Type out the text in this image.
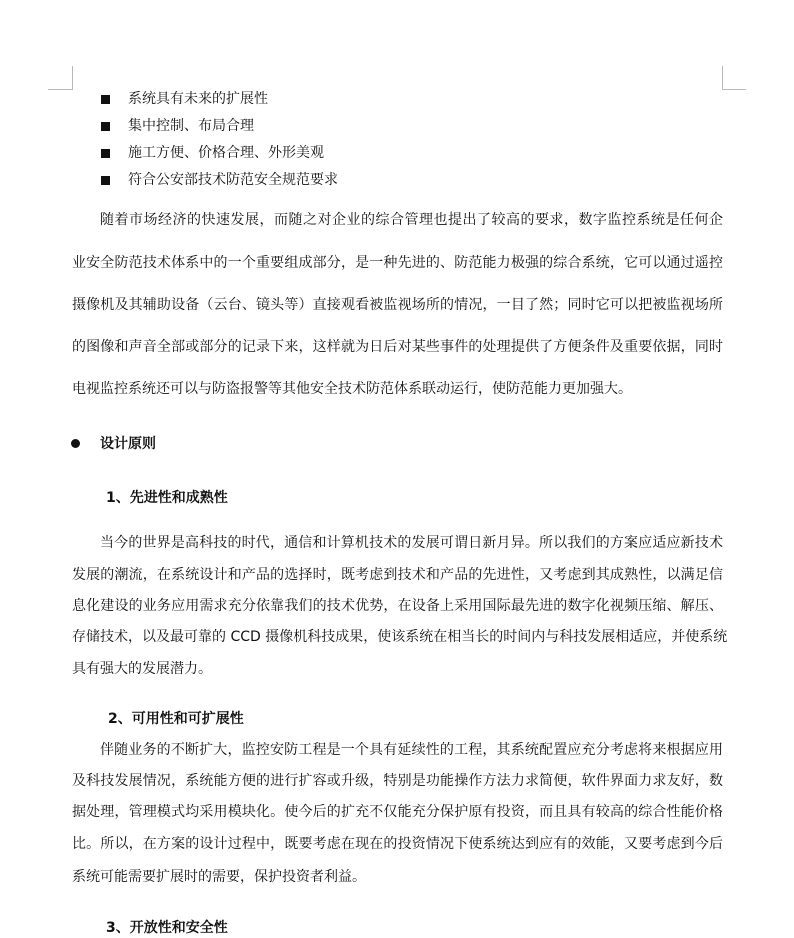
系统具有未来的扩展性
集中控制、布局合理
施工方便、价格合理、外形美观
符合公安部技术防范安全规范要求
随着市场经济的快速发展，而随之对企业的综合管理也提出了较高的要求，数字监控系统是任何企
业安全防范技术体系中的一个重要组成部分，是一种先进的、防范能力极强的综合系统，它可以通过遥控
摄像机及其辅助设备（云台、镜头等）直接观看被监视场所的情况，一目了然；同时它可以把被监视场所
的图像和声音全部或部分的记录下来，这样就为日后对某些事件的处理提供了方便条件及重要依据，同时
电视监控系统还可以与防盗报警等其他安全技术防范体系联动运行，使防范能力更加强大。
设计原则
1、先进性和成熟性
当今的世界是高科技的时代，通信和计算机技术的发展可谓日新月异。所以我们的方案应适应新技术
发展的潮流，在系统设计和产品的选择时，既考虑到技术和产品的先进性，又考虑到其成熟性，以满足信
息化建设的业务应用需求充分依靠我们的技术优势，在设备上采用国际最先进的数字化视频压缩、解压、
存储技术，以及最可靠的 CCD 摄像机科技成果，使该系统在相当长的时间内与科技发展相适应，并使系统
具有强大的发展潜力。
2、可用性和可扩展性
伴随业务的不断扩大，监控安防工程是一个具有延续性的工程，其系统配置应充分考虑将来根据应用
及科技发展情况，系统能方便的进行扩容或升级，特别是功能操作方法力求简便，软件界面力求友好，数
据处理，管理模式均采用模块化。使今后的扩充不仅能充分保护原有投资，而且具有较高的综合性能价格
比。所以，在方案的设计过程中，既要考虑在现在的投资情况下使系统达到应有的效能，又要考虑到今后
系统可能需要扩展时的需要，保护投资者利益。
3、开放性和安全性
